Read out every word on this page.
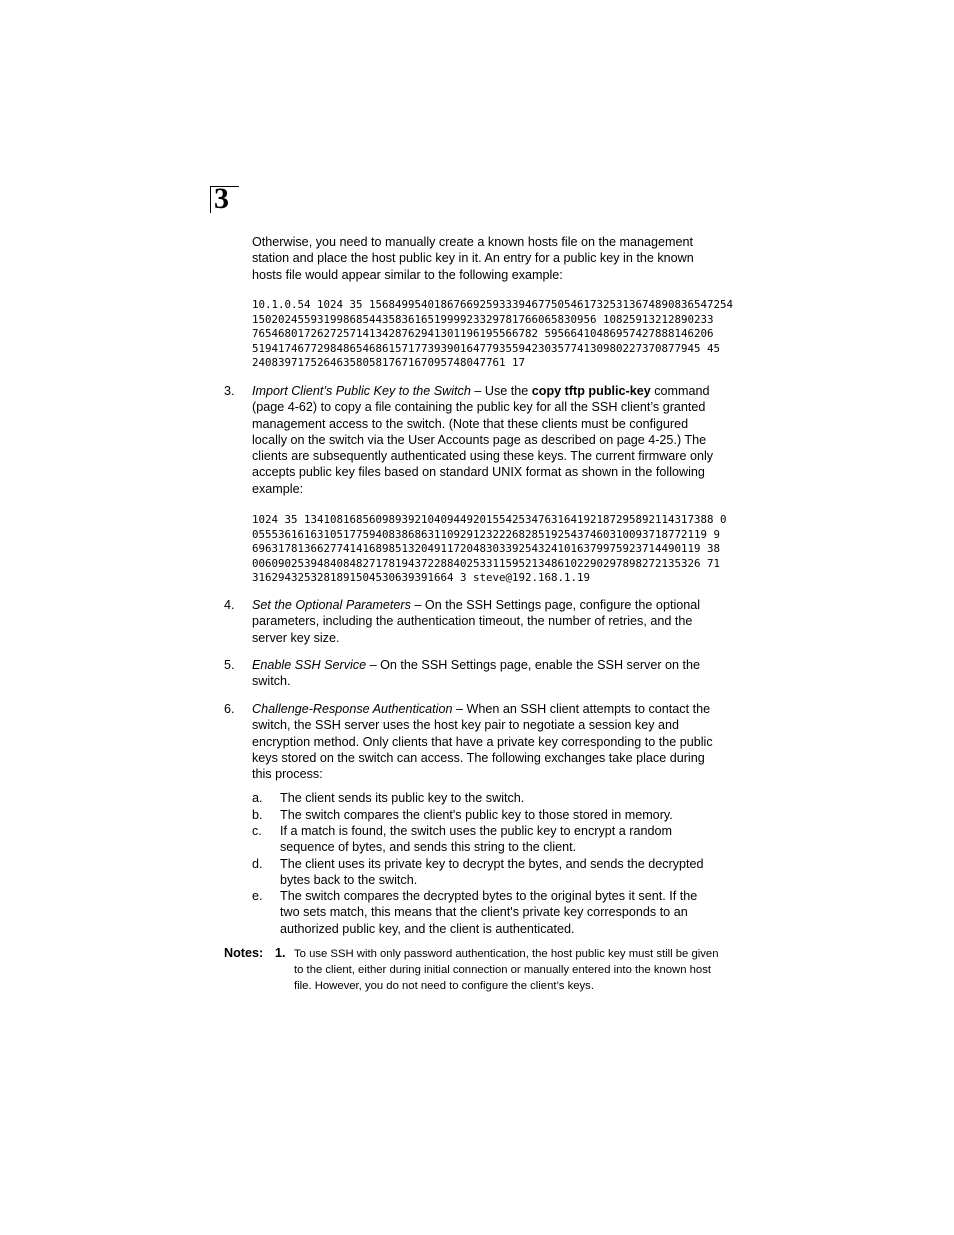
3

Otherwise, you need to manually create a known hosts file on the management station and place the host public key in it. An entry for a public key in the known hosts file would appear similar to the following example:

10.1.0.54 1024 35 15684995401867669259333946775054617325313674890836547254
15020245593199868544358361651999923329781766065830956 10825913212890233
76546801726272571413428762941301196195566782 59566410486957427888146206
519417467729848654686157177393901647793559423035774130980227370877945 45
240839717526463580581767167095748047761 17
3. Import Client’s Public Key to the Switch – Use the copy tftp public-key command (page 4-62) to copy a file containing the public key for all the SSH client’s granted management access to the switch. (Note that these clients must be configured locally on the switch via the User Accounts page as described on page 4-25.) The clients are subsequently authenticated using these keys. The current firmware only accepts public key files based on standard UNIX format as shown in the following example:

1024 35 134108168560989392104094492015542534763164192187295892114317388 0
0555361616310517759408386863110929123222682851925437460310093718772119 9
696317813662774141689851320491172048303392543241016379975923714490119 38
006090253948408482717819437228840253311595213486102290297898272135326 71
3162943253281891504530639391664 3 steve@192.168.1.19
4. Set the Optional Parameters – On the SSH Settings page, configure the optional parameters, including the authentication timeout, the number of retries, and the server key size.

5. Enable SSH Service – On the SSH Settings page, enable the SSH server on the switch.

6. Challenge-Response Authentication – When an SSH client attempts to contact the switch, the SSH server uses the host key pair to negotiate a session key and encryption method. Only clients that have a private key corresponding to the public keys stored on the switch can access. The following exchanges take place during this process:

a. The client sends its public key to the switch.
b. The switch compares the client's public key to those stored in memory.
c. If a match is found, the switch uses the public key to encrypt a random sequence of bytes, and sends this string to the client.
d. The client uses its private key to decrypt the bytes, and sends the decrypted bytes back to the switch.
e. The switch compares the decrypted bytes to the original bytes it sent. If the two sets match, this means that the client's private key corresponds to an authorized public key, and the client is authenticated.
Notes: 1. To use SSH with only password authentication, the host public key must still be given to the client, either during initial connection or manually entered into the known host file. However, you do not need to configure the client’s keys.
